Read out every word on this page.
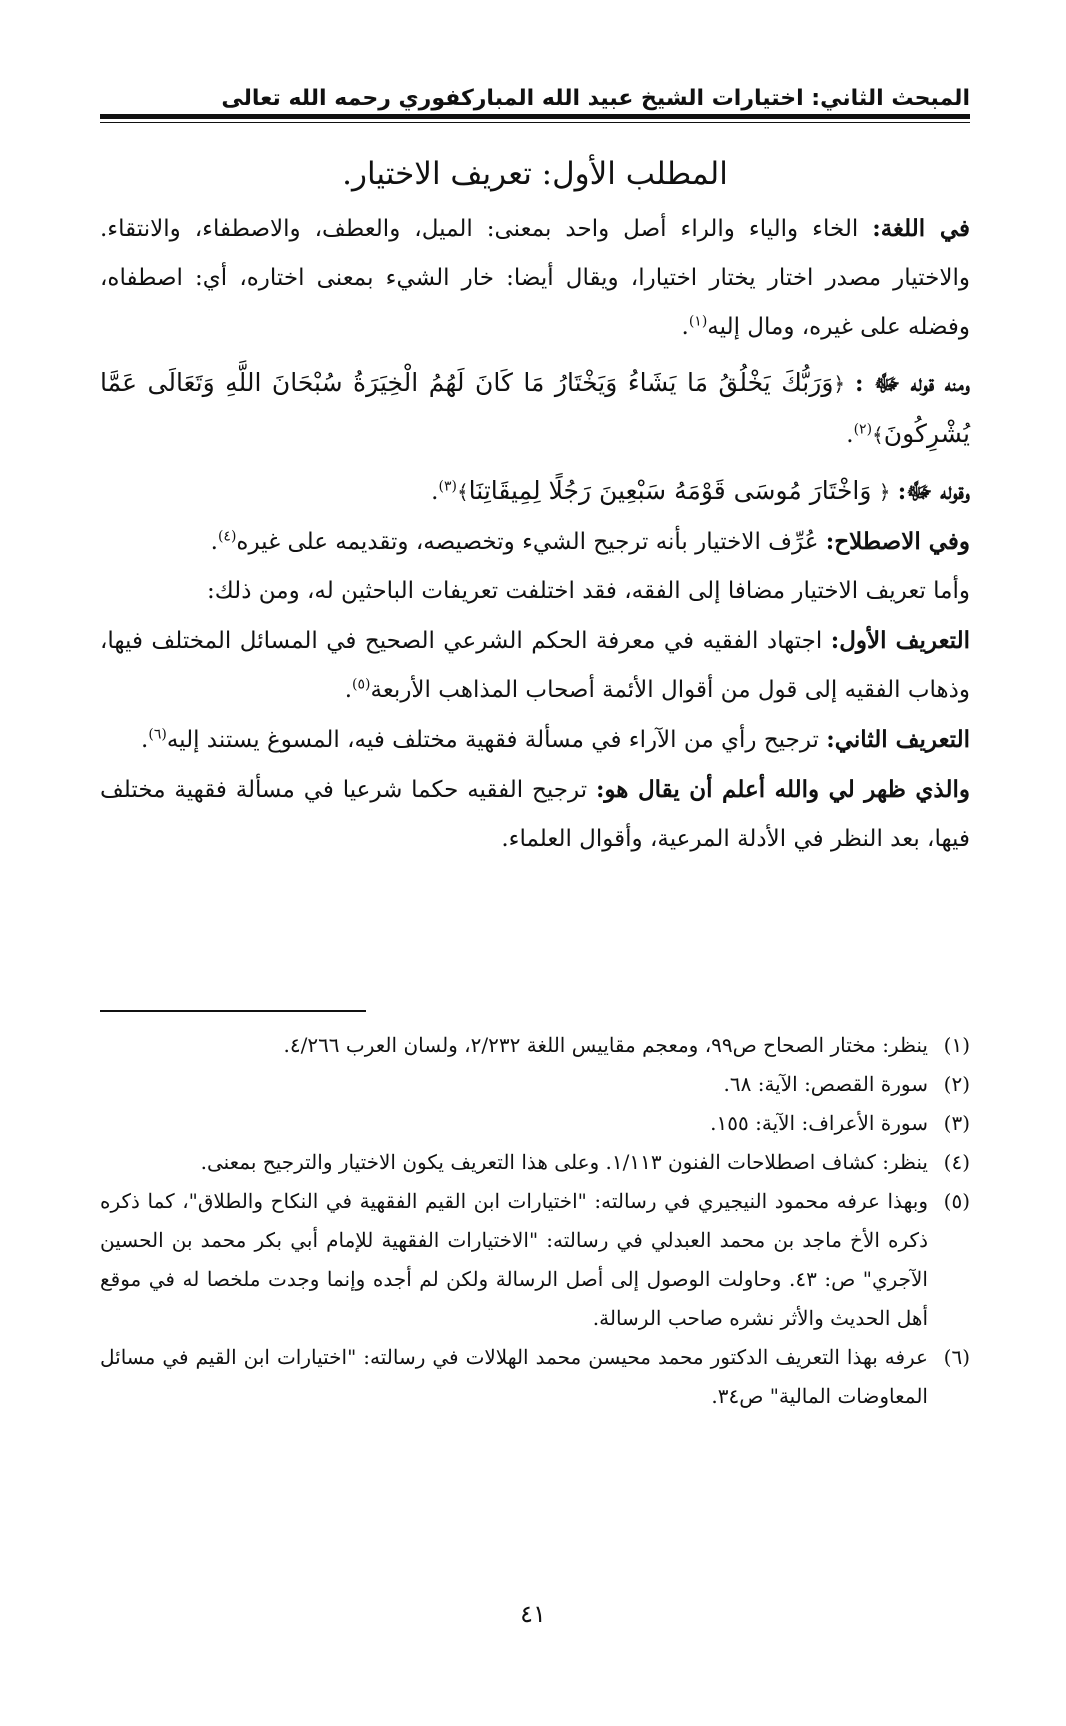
المبحث الثاني: اختيارات الشيخ عبيد الله المباركفوري رحمه الله تعالى
المطلب الأول: تعريف الاختيار.

في اللغة: الخاء والياء والراء أصل واحد بمعنى: الميل، والعطف، والاصطفاء، والانتقاء. والاختيار مصدر اختار يختار اختيارا، ويقال أيضا: خار الشيء بمعنى اختاره، أي: اصطفاه، وفضله على غيره، ومال إليه$^{(١)}$.

ومنه قوله ﷻ : ﴿وَرَبُّكَ يَخْلُقُ مَا يَشَاءُ وَيَخْتَارُ مَا كَانَ لَهُمُ الْخِيَرَةُ سُبْحَانَ اللَّهِ وَتَعَالَى عَمَّا يُشْرِكُونَ﴾$^{(٢)}$.

وقوله ﷻ: ﴿ وَاخْتَارَ مُوسَى قَوْمَهُ سَبْعِينَ رَجُلًا لِمِيقَاتِنَا﴾$^{(٣)}$.

وفي الاصطلاح: عُرِّف الاختيار بأنه ترجيح الشيء وتخصيصه، وتقديمه على غيره$^{(٤)}$.

وأما تعريف الاختيار مضافا إلى الفقه، فقد اختلفت تعريفات الباحثين له، ومن ذلك:

التعريف الأول: اجتهاد الفقيه في معرفة الحكم الشرعي الصحيح في المسائل المختلف فيها، وذهاب الفقيه إلى قول من أقوال الأئمة أصحاب المذاهب الأربعة$^{(٥)}$.

التعريف الثاني: ترجيح رأي من الآراء في مسألة فقهية مختلف فيه، المسوغ يستند إليه$^{(٦)}$.

والذي ظهر لي والله أعلم أن يقال هو: ترجيح الفقيه حكما شرعيا في مسألة فقهية مختلف فيها، بعد النظر في الأدلة المرعية، وأقوال العلماء.

(١)
ينظر: مختار الصحاح ص٩٩، ومعجم مقاييس اللغة ٢/٢٣٢، ولسان العرب ٤/٢٦٦.

(٢)
سورة القصص: الآية: ٦٨.

(٣)
سورة الأعراف: الآية: ١٥٥.

(٤)
ينظر: كشاف اصطلاحات الفنون ١/١١٣. وعلى هذا التعريف يكون الاختيار والترجيح بمعنى.

(٥)
وبهذا عرفه محمود النيجيري في رسالته: "اختيارات ابن القيم الفقهية في النكاح والطلاق"، كما ذكره ذكره الأخ ماجد بن محمد العبدلي في رسالته: "الاختيارات الفقهية للإمام أبي بكر محمد بن الحسين الآجري" ص: ٤٣. وحاولت الوصول إلى أصل الرسالة ولكن لم أجده وإنما وجدت ملخصا له في موقع أهل الحديث والأثر نشره صاحب الرسالة.

(٦)
عرفه بهذا التعريف الدكتور محمد محيسن محمد الهلالات في رسالته: "اختيارات ابن القيم في مسائل المعاوضات المالية" ص٣٤.

٤١
